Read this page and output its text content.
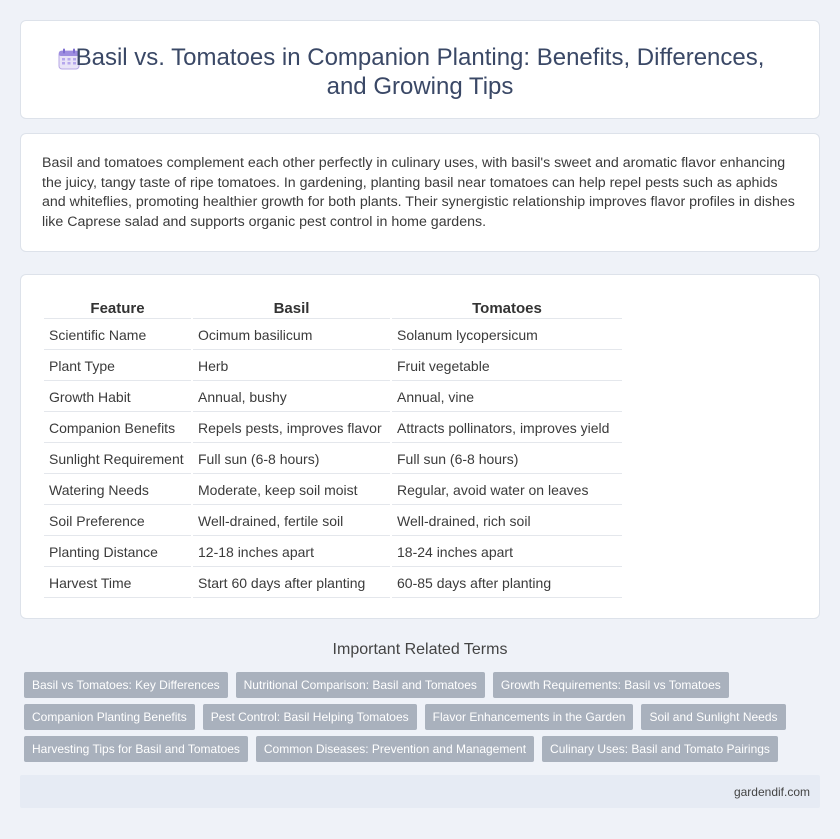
Basil vs. Tomatoes in Companion Planting: Benefits, Differences,
and Growing Tips

Basil and tomatoes complement each other perfectly in culinary uses, with basil's sweet and aromatic flavor enhancing the juicy, tangy taste of ripe tomatoes. In gardening, planting basil near tomatoes can help repel pests such as aphids and whiteflies, promoting healthier growth for both plants. Their synergistic relationship improves flavor profiles in dishes like Caprese salad and supports organic pest control in home gardens.

Feature	Basil	Tomatoes
Scientific Name	Ocimum basilicum	Solanum lycopersicum
Plant Type	Herb	Fruit vegetable
Growth Habit	Annual, bushy	Annual, vine
Companion Benefits	Repels pests, improves flavor	Attracts pollinators, improves yield
Sunlight Requirement	Full sun (6-8 hours)	Full sun (6-8 hours)
Watering Needs	Moderate, keep soil moist	Regular, avoid water on leaves
Soil Preference	Well-drained, fertile soil	Well-drained, rich soil
Planting Distance	12-18 inches apart	18-24 inches apart
Harvest Time	Start 60 days after planting	60-85 days after planting
Important Related Terms
Basil vs Tomatoes: Key Differences	Nutritional Comparison: Basil and Tomatoes	Growth Requirements: Basil vs Tomatoes
Companion Planting Benefits	Pest Control: Basil Helping Tomatoes	Flavor Enhancements in the Garden	Soil and Sunlight Needs
Harvesting Tips for Basil and Tomatoes	Common Diseases: Prevention and Management	Culinary Uses: Basil and Tomato Pairings
gardendif.com
